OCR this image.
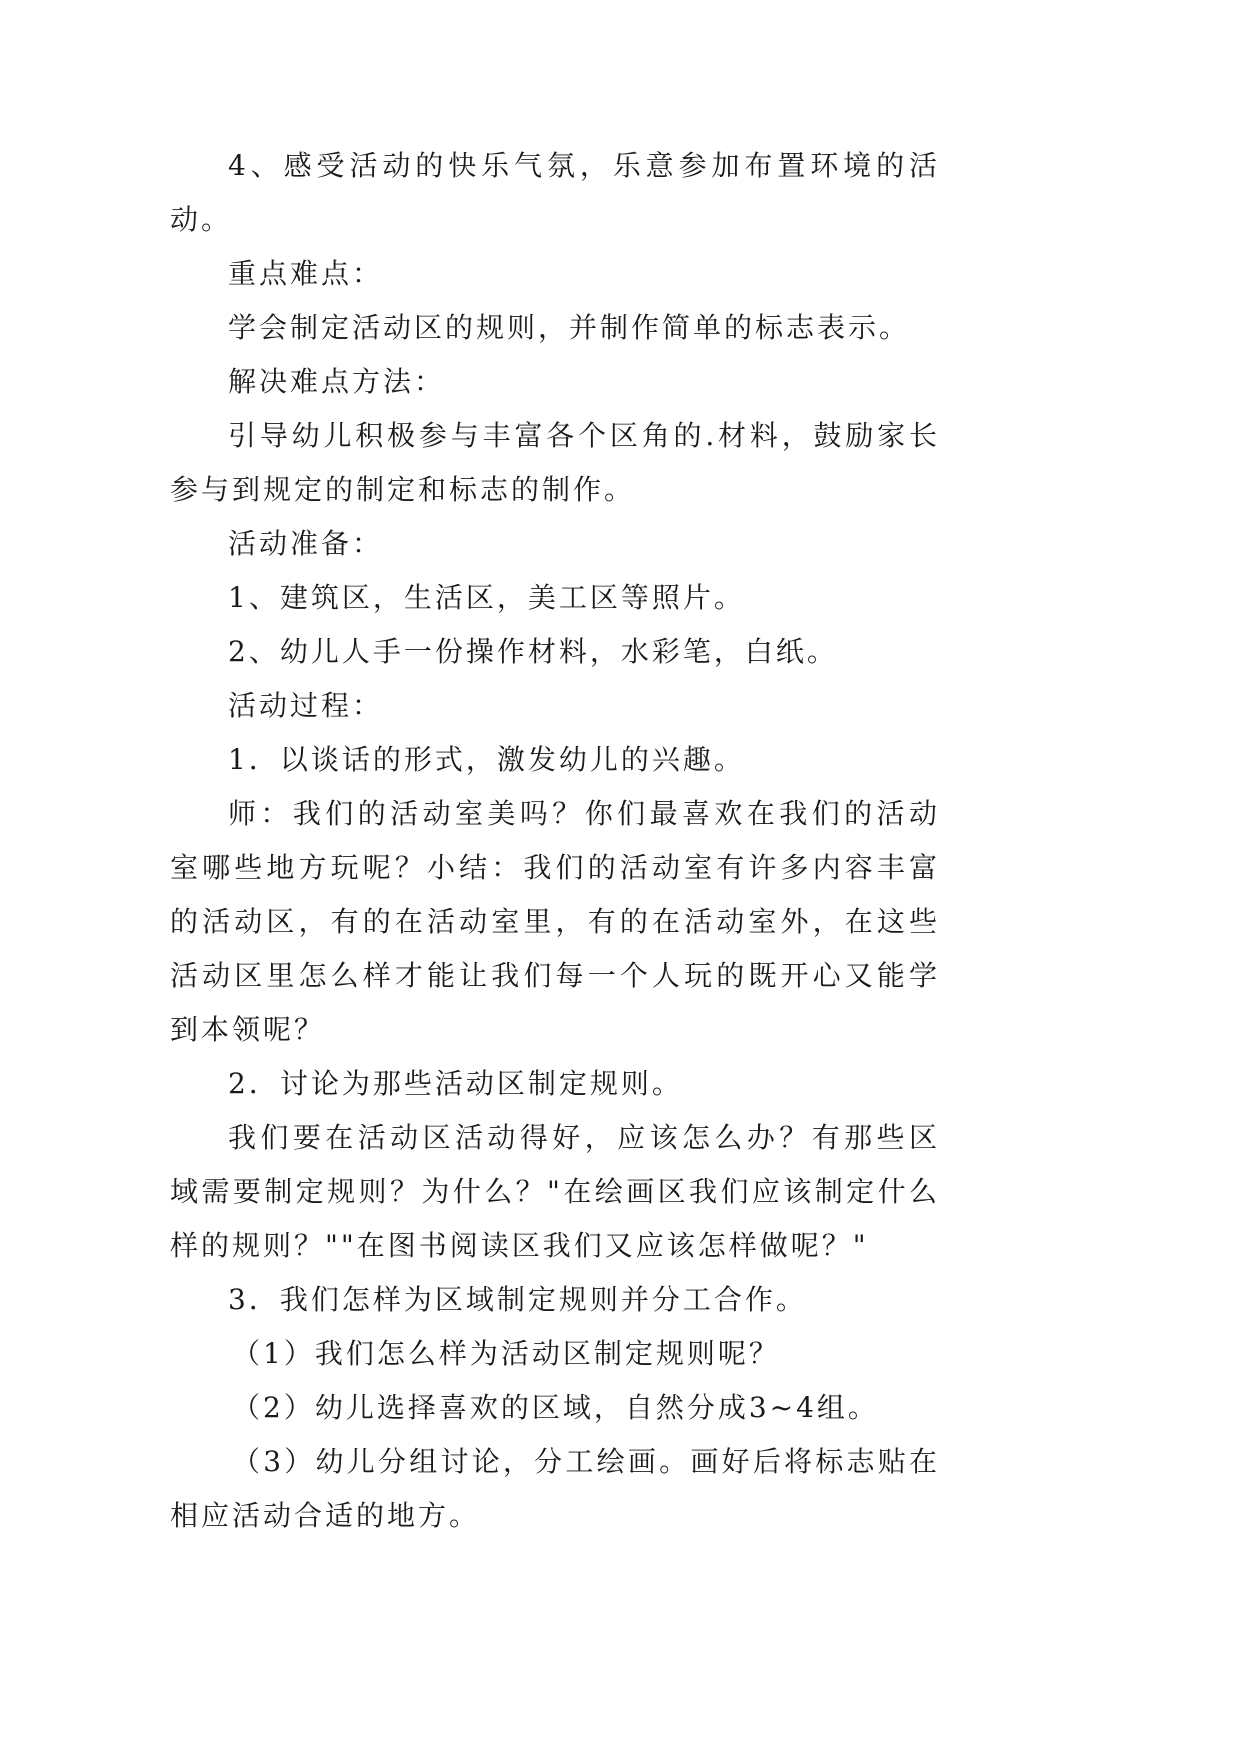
4、感受活动的快乐气氛，乐意参加布置环境的活动。

重点难点：

学会制定活动区的规则，并制作简单的标志表示。

解决难点方法：

引导幼儿积极参与丰富各个区角的.材料，鼓励家长参与到规定的制定和标志的制作。

活动准备：

1、建筑区，生活区，美工区等照片。

2、幼儿人手一份操作材料，水彩笔，白纸。

活动过程：

1．以谈话的形式，激发幼儿的兴趣。

师：我们的活动室美吗？你们最喜欢在我们的活动室哪些地方玩呢？小结：我们的活动室有许多内容丰富的活动区，有的在活动室里，有的在活动室外，在这些活动区里怎么样才能让我们每一个人玩的既开心又能学到本领呢？

2．讨论为那些活动区制定规则。

我们要在活动区活动得好，应该怎么办？有那些区域需要制定规则？为什么？"在绘画区我们应该制定什么样的规则？""在图书阅读区我们又应该怎样做呢？"

3．我们怎样为区域制定规则并分工合作。

（1）我们怎么样为活动区制定规则呢？

（2）幼儿选择喜欢的区域，自然分成3~4组。

（3）幼儿分组讨论，分工绘画。画好后将标志贴在相应活动合适的地方。
